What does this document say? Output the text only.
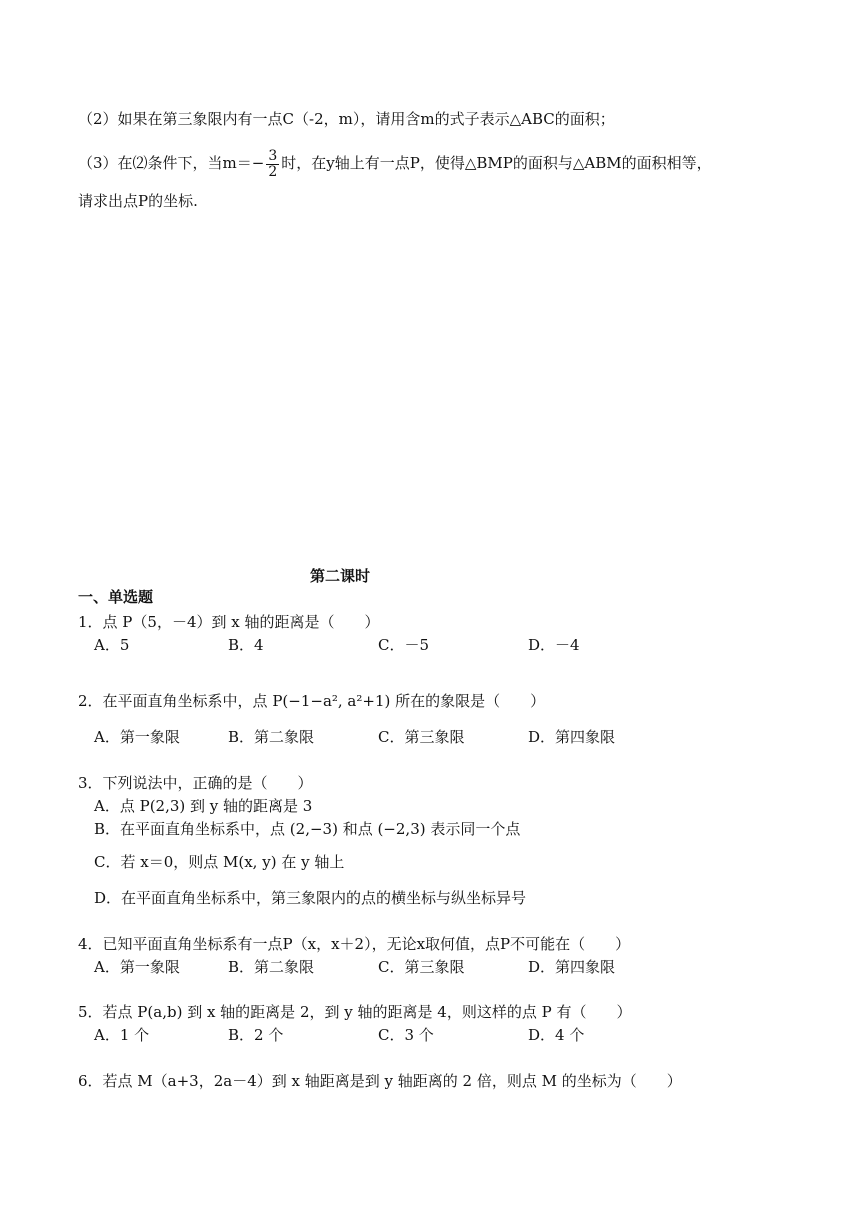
（2）如果在第三象限内有一点C（-2，m），请用含m的式子表示△ABC的面积；
（3）在⑵条件下，当$m=- \frac{3}{2}$ 时，在y轴上有一点P，使得△BMP的面积与△ABM的面积相等，
请求出点P的坐标.
第二课时
一、单选题
1．点 P（5，－4）到 x 轴的距离是（　　）
A．5	B．4	C．－5	D．－4
2．在平面直角坐标系中，点 P(−1−a², a²+1) 所在的象限是（　　）
A．第一象限	B．第二象限	C．第三象限	D．第四象限
3．下列说法中，正确的是（　　）
A．点 P(2,3) 到 y 轴的距离是 3
B．在平面直角坐标系中，点 (2,−3) 和点 (−2,3) 表示同一个点
C．若 x＝0，则点 M(x, y) 在 y 轴上
D．在平面直角坐标系中，第三象限内的点的横坐标与纵坐标异号
4．已知平面直角坐标系有一点P（x，x＋2），无论x取何值，点P不可能在（　　）
A．第一象限	B．第二象限	C．第三象限	D．第四象限
5．若点 P(a,b) 到 x 轴的距离是 2，到 y 轴的距离是 4，则这样的点 P 有（　　）
A．1 个	B．2 个	C．3 个	D．4 个
6．若点 M（a+3，2a－4）到 x 轴距离是到 y 轴距离的 2 倍，则点 M 的坐标为（　　）
